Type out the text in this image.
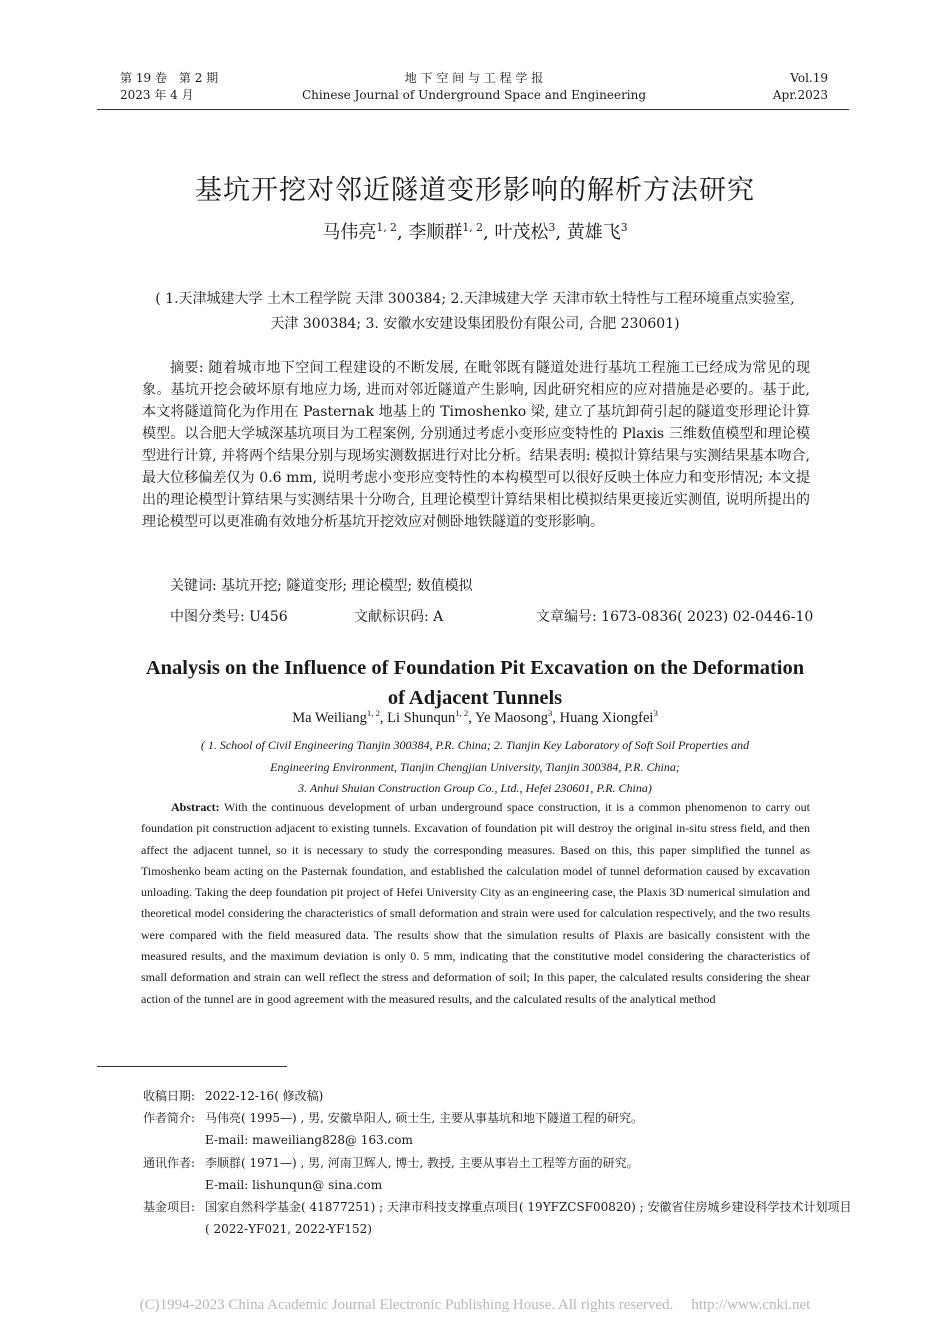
第 19 卷　第 2 期
2023 年 4 月
地 下 空 间 与 工 程 学 报
Chinese Journal of Underground Space and Engineering
Vol.19
Apr.2023
基坑开挖对邻近隧道变形影响的解析方法研究
马伟亮$^{1, 2}$, 李顺群$^{1, 2}$, 叶茂松$^3$, 黄雄飞$^3$
( 1.天津城建大学 土木工程学院 天津 300384; 2.天津城建大学 天津市软土特性与工程环境重点实验室,
天津 300384; 3. 安徽水安建设集团股份有限公司, 合肥 230601)

摘要: 随着城市地下空间工程建设的不断发展, 在毗邻既有隧道处进行基坑工程施工已经成为常见的现象。基坑开挖会破坏原有地应力场, 进而对邻近隧道产生影响, 因此研究相应的应对措施是必要的。基于此, 本文将隧道简化为作用在 Pasternak 地基上的 Timoshenko 梁, 建立了基坑卸荷引起的隧道变形理论计算模型。以合肥大学城深基坑项目为工程案例, 分别通过考虑小变形应变特性的 Plaxis 三维数值模型和理论模型进行计算, 并将两个结果分别与现场实测数据进行对比分析。结果表明: 模拟计算结果与实测结果基本吻合, 最大位移偏差仅为 0.6 mm, 说明考虑小变形应变特性的本构模型可以很好反映土体应力和变形情况; 本文提出的理论模型计算结果与实测结果十分吻合, 且理论模型计算结果相比模拟结果更接近实测值, 说明所提出的理论模型可以更准确有效地分析基坑开挖效应对侧卧地铁隧道的变形影响。

关键词: 基坑开挖; 隧道变形; 理论模型; 数值模拟
中图分类号: U456	文献标识码: A	文章编号: 1673-0836( 2023) 02-0446-10
Analysis on the Influence of Foundation Pit Excavation on the Deformation
of Adjacent Tunnels
Ma Weiliang$^{1, 2}$, Li Shunqun$^{1, 2}$, Ye Maosong$^3$, Huang Xiongfei$^3$
( 1. School of Civil Engineering Tianjin 300384, P.R. China; 2. Tianjin Key Laboratory of Soft Soil Properties and
Engineering Environment, Tianjin Chengjian University, Tianjin 300384, P.R. China;
3. Anhui Shuian Construction Group Co., Ltd., Hefei 230601, P.R. China)

Abstract: With the continuous development of urban underground space construction, it is a common phenomenon to carry out foundation pit construction adjacent to existing tunnels. Excavation of foundation pit will destroy the original in-situ stress field, and then affect the adjacent tunnel, so it is necessary to study the corresponding measures. Based on this, this paper simplified the tunnel as Timoshenko beam acting on the Pasternak foundation, and established the calculation model of tunnel deformation caused by excavation unloading. Taking the deep foundation pit project of Hefei University City as an engineering case, the Plaxis 3D numerical simulation and theoretical model considering the characteristics of small deformation and strain were used for calculation respectively, and the two results were compared with the field measured data. The results show that the simulation results of Plaxis are basically consistent with the measured results, and the maximum deviation is only 0. 5 mm, indicating that the constitutive model considering the characteristics of small deformation and strain can well reflect the stress and deformation of soil; In this paper, the calculated results considering the shear action of the tunnel are in good agreement with the measured results, and the calculated results of the analytical method

收稿日期: 2022-12-16( 修改稿)
作者简介: 马伟亮( 1995—) , 男, 安徽阜阳人, 硕士生, 主要从事基坑和地下隧道工程的研究。
E-mail: maweiliang828@ 163.com
通讯作者: 李顺群( 1971—) , 男, 河南卫辉人, 博士, 教授, 主要从事岩土工程等方面的研究。
E-mail: lishunqun@ sina.com
基金项目: 国家自然科学基金( 41877251) ; 天津市科技支撑重点项目( 19YFZCSF00820) ; 安徽省住房城乡建设科学技术计划项目( 2022-YF021, 2022-YF152)
(C)1994-2023 China Academic Journal Electronic Publishing House. All rights reserved. http://www.cnki.net
